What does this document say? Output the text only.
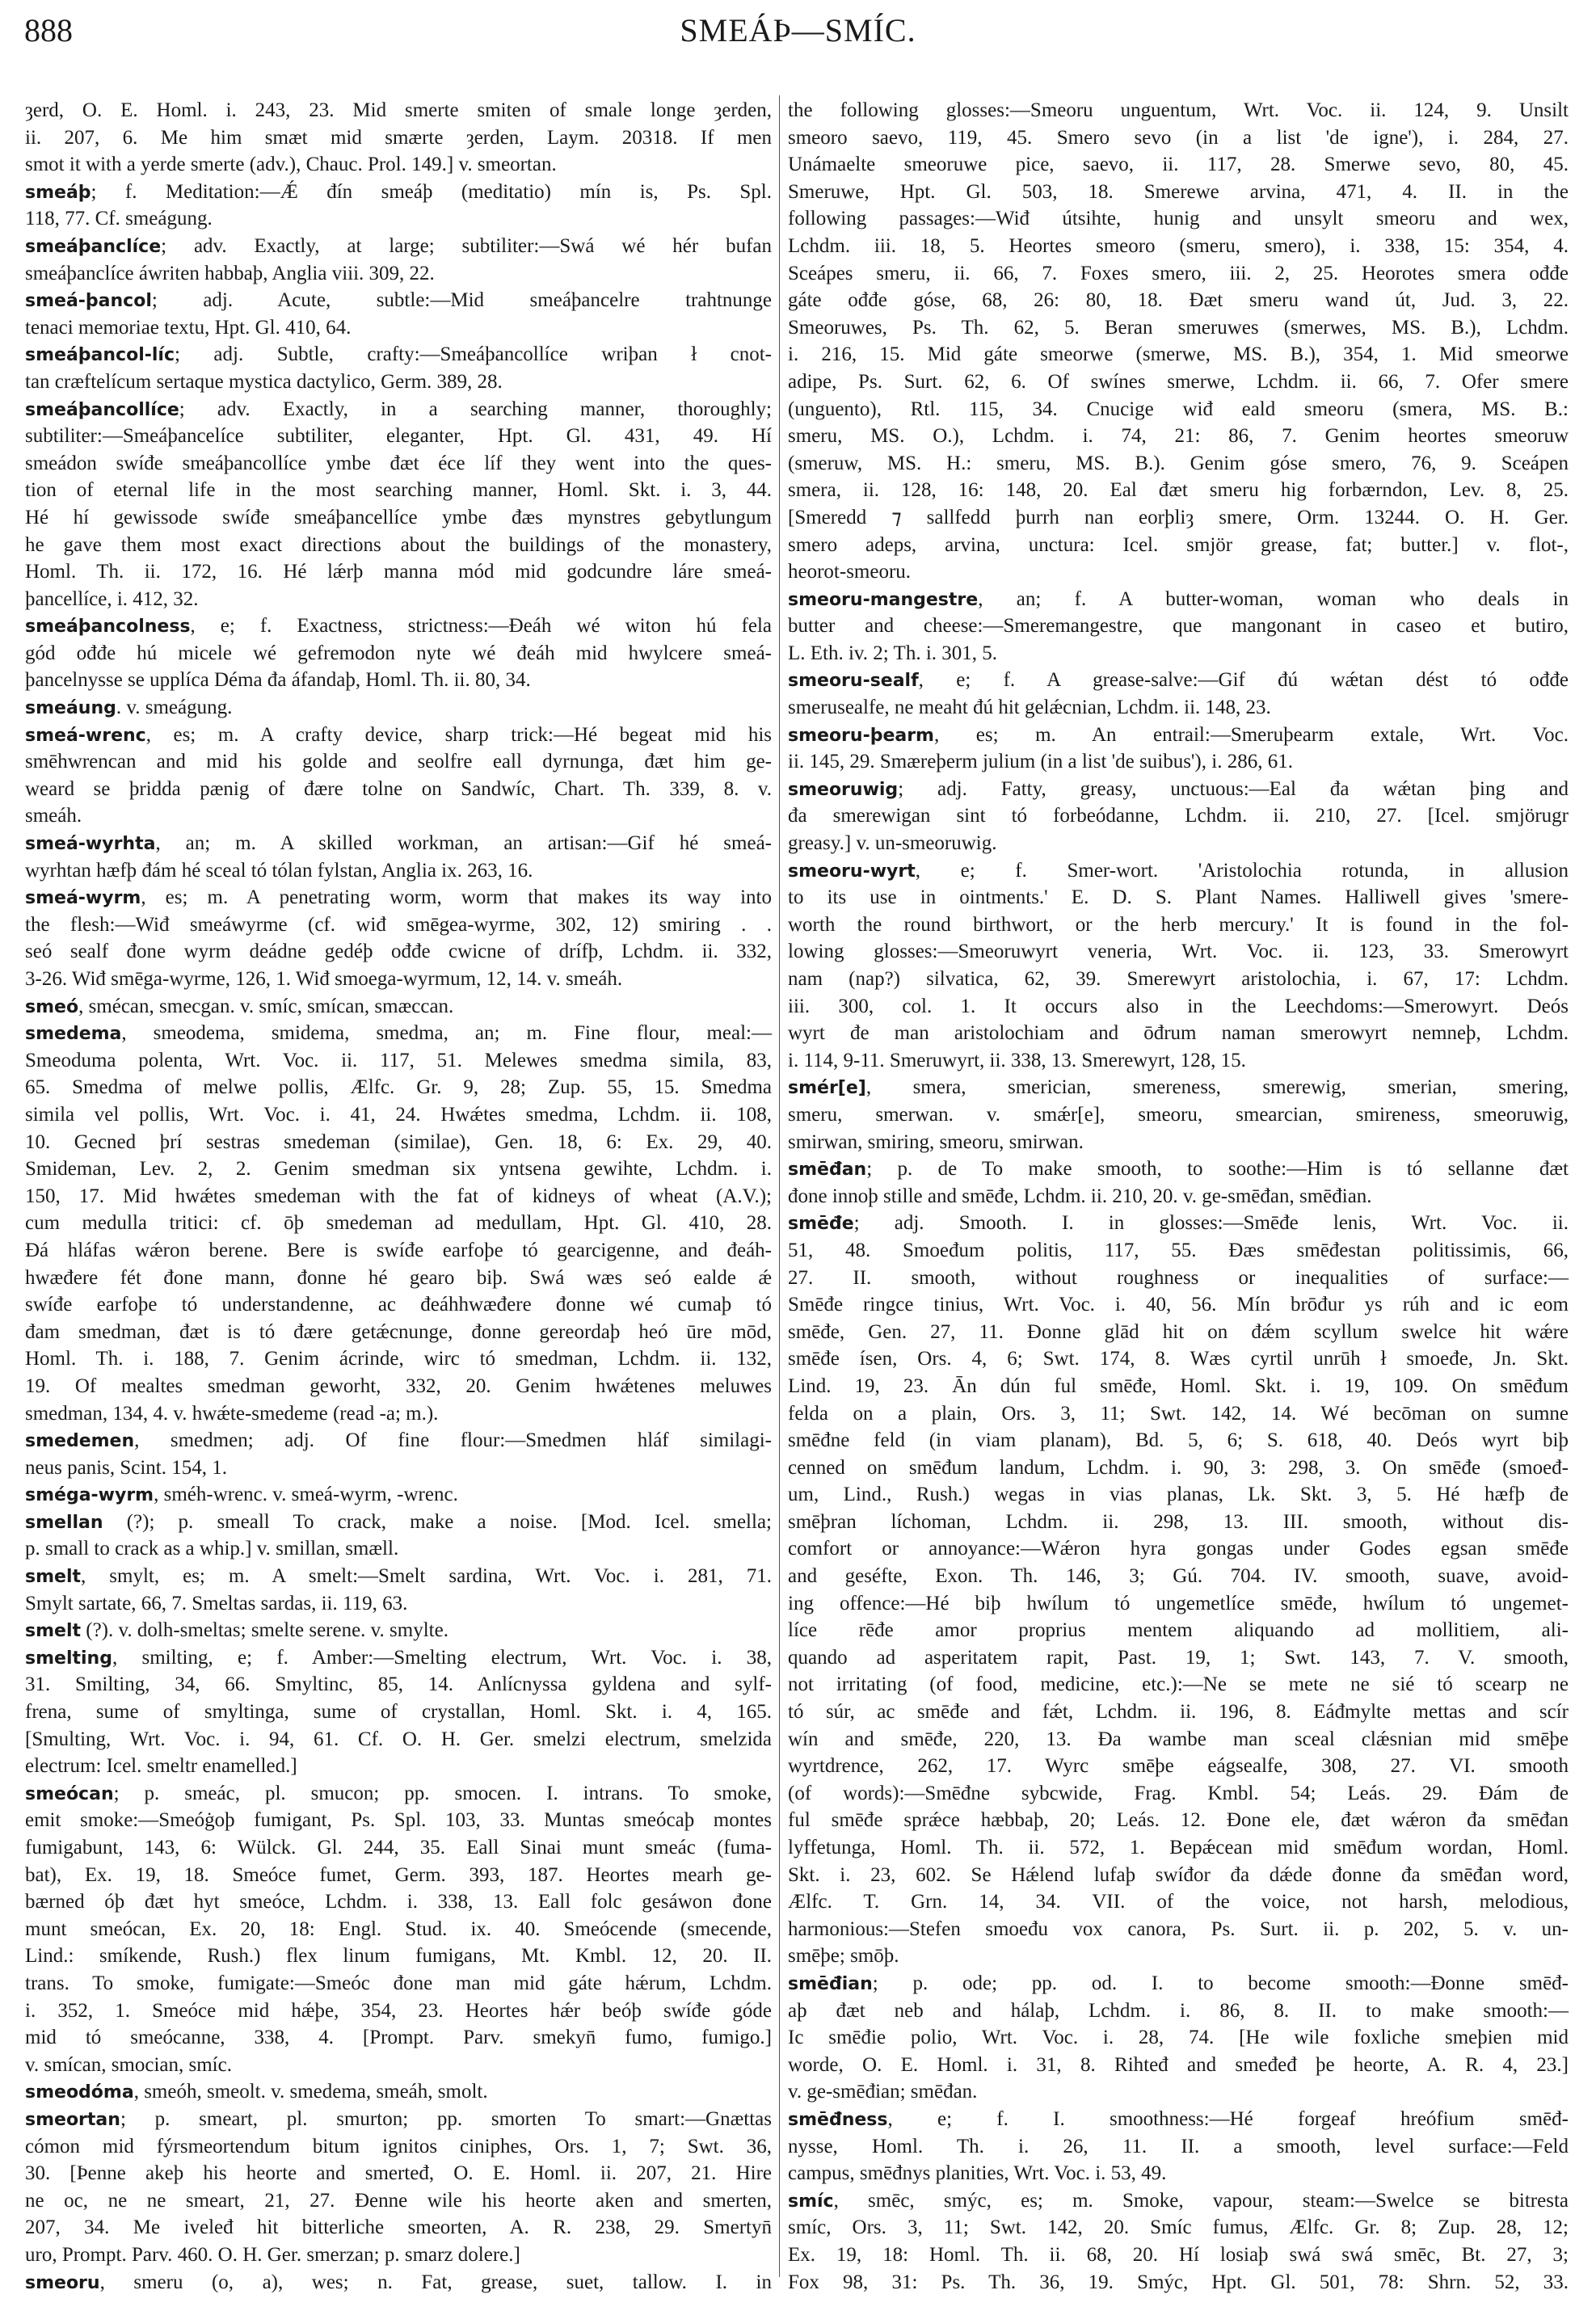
888	SMEÁÞ—SMÍC.
ȝerd, O. E. Homl. i. 243, 23. Mid smerte smiten of smale longe ȝerden,
ii. 207, 6. Me him smæt mid smærte ȝerden, Laym. 20318. If men
smot it with a yerde smerte (adv.), Chauc. Prol. 149.] v. smeortan.
smeáþ; f. Meditation:—Ǽ đín smeáþ (meditatio) mín is, Ps. Spl.
118, 77. Cf. smeágung.
smeáþanclíce; adv. Exactly, at large; subtiliter:—Swá wé hér bufan
smeáþanclíce áwriten habbaþ, Anglia viii. 309, 22.
smeá-þancol; adj. Acute, subtle:—Mid smeáþancelre trahtnunge
tenaci memoriae textu, Hpt. Gl. 410, 64.
smeáþancol-líc; adj. Subtle, crafty:—Smeáþancollíce wriþan ł cnot-
tan cræftelícum sertaque mystica dactylico, Germ. 389, 28.
smeáþancollíce; adv. Exactly, in a searching manner, thoroughly;
subtiliter:—Smeáþancelíce subtiliter, eleganter, Hpt. Gl. 431, 49. Hí
smeádon swíđe smeáþancollíce ymbe đæt éce líf they went into the ques-
tion of eternal life in the most searching manner, Homl. Skt. i. 3, 44.
Hé hí gewissode swíđe smeáþancellíce ymbe đæs mynstres gebytlungum
he gave them most exact directions about the buildings of the monastery,
Homl. Th. ii. 172, 16. Hé lǽrþ manna mód mid godcundre láre smeá-
þancellíce, i. 412, 32.
smeáþancolness, e; f. Exactness, strictness:—Đeáh wé witon hú fela
gód ođđe hú micele wé gefremodon nyte wé đeáh mid hwylcere smeá-
þancelnysse se upplíca Déma đa áfandaþ, Homl. Th. ii. 80, 34.
smeáung. v. smeágung.
smeá-wrenc, es; m. A crafty device, sharp trick:—Hé begeat mid his
smēhwrencan and mid his golde and seolfre eall dyrnunga, đæt him ge-
weard se þridda pænig of đære tolne on Sandwíc, Chart. Th. 339, 8. v.
smeáh.
smeá-wyrhta, an; m. A skilled workman, an artisan:—Gif hé smeá-
wyrhtan hæfþ đám hé sceal tó tólan fylstan, Anglia ix. 263, 16.
smeá-wyrm, es; m. A penetrating worm, worm that makes its way into
the flesh:—Wiđ smeáwyrme (cf. wiđ smēgea-wyrme, 302, 12) smiring . .
seó sealf đone wyrm deádne gedéþ ođđe cwicne of drífþ, Lchdm. ii. 332,
3-26. Wiđ smēga-wyrme, 126, 1. Wiđ smoega-wyrmum, 12, 14. v. smeáh.
smeó, smécan, smecgan. v. smíc, smícan, smæccan.
smedema, smeodema, smidema, smedma, an; m. Fine flour, meal:—
Smeoduma polenta, Wrt. Voc. ii. 117, 51. Melewes smedma simila, 83,
65. Smedma of melwe pollis, Ælfc. Gr. 9, 28; Zup. 55, 15. Smedma
simila vel pollis, Wrt. Voc. i. 41, 24. Hwǽtes smedma, Lchdm. ii. 108,
10. Gecned þrí sestras smedeman (similae), Gen. 18, 6: Ex. 29, 40.
Smideman, Lev. 2, 2. Genim smedman six yntsena gewihte, Lchdm. i.
150, 17. Mid hwǽtes smedeman with the fat of kidneys of wheat (A.V.);
cum medulla tritici: cf. ōþ smedeman ad medullam, Hpt. Gl. 410, 28.
Đá hláfas wǽron berene. Bere is swíđe earfoþe tó gearcigenne, and đeáh-
hwæđere fét đone mann, đonne hé gearo biþ. Swá wæs seó ealde ǽ
swíđe earfoþe tó understandenne, ac đeáhhwæđere đonne wé cumaþ tó
đam smedman, đæt is tó đære getǽcnunge, đonne gereordaþ heó ūre mōd,
Homl. Th. i. 188, 7. Genim ácrinde, wirc tó smedman, Lchdm. ii. 132,
19. Of mealtes smedman geworht, 332, 20. Genim hwǽtenes meluwes
smedman, 134, 4. v. hwǽte-smedeme (read -a; m.).
smedemen, smedmen; adj. Of fine flour:—Smedmen hláf similagi-
neus panis, Scint. 154, 1.
sméga-wyrm, sméh-wrenc. v. smeá-wyrm, -wrenc.
smellan (?); p. smeall To crack, make a noise. [Mod. Icel. smella;
p. small to crack as a whip.] v. smillan, smæll.
smelt, smylt, es; m. A smelt:—Smelt sardina, Wrt. Voc. i. 281, 71.
Smylt sartate, 66, 7. Smeltas sardas, ii. 119, 63.
smelt (?). v. dolh-smeltas; smelte serene. v. smylte.
smelting, smilting, e; f. Amber:—Smelting electrum, Wrt. Voc. i. 38,
31. Smilting, 34, 66. Smyltinc, 85, 14. Anlícnyssa gyldena and sylf-
frena, sume of smyltinga, sume of crystallan, Homl. Skt. i. 4, 165.
[Smulting, Wrt. Voc. i. 94, 61. Cf. O. H. Ger. smelzi electrum, smelzida
electrum: Icel. smeltr enamelled.]
smeócan; p. smeác, pl. smucon; pp. smocen. I. intrans. To smoke,
emit smoke:—Smeóġoþ fumigant, Ps. Spl. 103, 33. Muntas smeócaþ montes
fumigabunt, 143, 6: Wülck. Gl. 244, 35. Eall Sinai munt smeác (fuma-
bat), Ex. 19, 18. Smeóce fumet, Germ. 393, 187. Heortes mearh ge-
bærned óþ đæt hyt smeóce, Lchdm. i. 338, 13. Eall folc gesáwon đone
munt smeócan, Ex. 20, 18: Engl. Stud. ix. 40. Smeócende (smecende,
Lind.: smíkende, Rush.) flex linum fumigans, Mt. Kmbl. 12, 20. II.
trans. To smoke, fumigate:—Smeóc đone man mid gáte hǽrum, Lchdm.
i. 352, 1. Smeóce mid hǽþe, 354, 23. Heortes hǽr beóþ swíđe góde
mid tó smeócanne, 338, 4. [Prompt. Parv. smekyn̄ fumo, fumigo.]
v. smícan, smocian, smíc.
smeodóma, smeóh, smeolt. v. smedema, smeáh, smolt.
smeortan; p. smeart, pl. smurton; pp. smorten To smart:—Gnættas
cómon mid fýrsmeortendum bitum ignitos ciniphes, Ors. 1, 7; Swt. 36,
30. [Þenne akeþ his heorte and smerteđ, O. E. Homl. ii. 207, 21. Hire
ne oc, ne ne smeart, 21, 27. Đenne wile his heorte aken and smerten,
207, 34. Me iveleđ hit bitterliche smeorten, A. R. 238, 29. Smertyn̄
uro, Prompt. Parv. 460. O. H. Ger. smerzan; p. smarz dolere.]
smeoru, smeru (o, a), wes; n. Fat, grease, suet, tallow. I. in
the following glosses:—Smeoru unguentum, Wrt. Voc. ii. 124, 9. Unsilt
smeoro saevo, 119, 45. Smero sevo (in a list 'de igne'), i. 284, 27.
Unámaelte smeoruwe pice, saevo, ii. 117, 28. Smerwe sevo, 80, 45.
Smeruwe, Hpt. Gl. 503, 18. Smerewe arvina, 471, 4. II. in the
following passages:—Wiđ útsihte, hunig and unsylt smeoru and wex,
Lchdm. iii. 18, 5. Heortes smeoro (smeru, smero), i. 338, 15: 354, 4.
Sceápes smeru, ii. 66, 7. Foxes smero, iii. 2, 25. Heorotes smera ođđe
gáte ođđe góse, 68, 26: 80, 18. Đæt smeru wand út, Jud. 3, 22.
Smeoruwes, Ps. Th. 62, 5. Beran smeruwes (smerwes, MS. B.), Lchdm.
i. 216, 15. Mid gáte smeorwe (smerwe, MS. B.), 354, 1. Mid smeorwe
adipe, Ps. Surt. 62, 6. Of swínes smerwe, Lchdm. ii. 66, 7. Ofer smere
(unguento), Rtl. 115, 34. Cnucige wiđ eald smeoru (smera, MS. B.:
smeru, MS. O.), Lchdm. i. 74, 21: 86, 7. Genim heortes smeoruw
(smeruw, MS. H.: smeru, MS. B.). Genim góse smero, 76, 9. Sceápen
smera, ii. 128, 16: 148, 20. Eal đæt smeru hig forbærndon, Lev. 8, 25.
[Smeredd ⁊ sallfedd þurrh nan eorþliȝ smere, Orm. 13244. O. H. Ger.
smero adeps, arvina, unctura: Icel. smjör grease, fat; butter.] v. flot-,
heorot-smeoru.
smeoru-mangestre, an; f. A butter-woman, woman who deals in
butter and cheese:—Smeremangestre, que mangonant in caseo et butiro,
L. Eth. iv. 2; Th. i. 301, 5.
smeoru-sealf, e; f. A grease-salve:—Gif đú wǽtan dést tó ođđe
smerusealfe, ne meaht đú hit gelǽcnian, Lchdm. ii. 148, 23.
smeoru-þearm, es; m. An entrail:—Smeruþearm extale, Wrt. Voc.
ii. 145, 29. Smæreþerm julium (in a list 'de suibus'), i. 286, 61.
smeoruwig; adj. Fatty, greasy, unctuous:—Eal đa wǽtan þing and
đa smerewigan sint tó forbeódanne, Lchdm. ii. 210, 27. [Icel. smjörugr
greasy.] v. un-smeoruwig.
smeoru-wyrt, e; f. Smer-wort. 'Aristolochia rotunda, in allusion
to its use in ointments.' E. D. S. Plant Names. Halliwell gives 'smere-
worth the round birthwort, or the herb mercury.' It is found in the fol-
lowing glosses:—Smeoruwyrt veneria, Wrt. Voc. ii. 123, 33. Smerowyrt
nam (nap?) silvatica, 62, 39. Smerewyrt aristolochia, i. 67, 17: Lchdm.
iii. 300, col. 1. It occurs also in the Leechdoms:—Smerowyrt. Deós
wyrt đe man aristolochiam and ōđrum naman smerowyrt nemneþ, Lchdm.
i. 114, 9-11. Smeruwyrt, ii. 338, 13. Smerewyrt, 128, 15.
smér[e], smera, smerician, smereness, smerewig, smerian, smering,
smeru, smerwan. v. smǽr[e], smeoru, smearcian, smireness, smeoruwig,
smirwan, smiring, smeoru, smirwan.
smēđan; p. de To make smooth, to soothe:—Him is tó sellanne đæt
đone innoþ stille and smēđe, Lchdm. ii. 210, 20. v. ge-smēđan, smēđian.
smēđe; adj. Smooth. I. in glosses:—Smēđe lenis, Wrt. Voc. ii.
51, 48. Smoeđum politis, 117, 55. Đæs smēđestan politissimis, 66,
27. II. smooth, without roughness or inequalities of surface:—
Smēđe ringce tinius, Wrt. Voc. i. 40, 56. Mín brōđur ys rúh and ic eom
smēđe, Gen. 27, 11. Đonne glād hit on đǽm scyllum swelce hit wǽre
smēđe ísen, Ors. 4, 6; Swt. 174, 8. Wæs cyrtil unrūh ł smoeđe, Jn. Skt.
Lind. 19, 23. Ān dún ful smēđe, Homl. Skt. i. 19, 109. On smēđum
felda on a plain, Ors. 3, 11; Swt. 142, 14. Wé becōman on sumne
smēđne feld (in viam planam), Bd. 5, 6; S. 618, 40. Deós wyrt biþ
cenned on smēđum landum, Lchdm. i. 90, 3: 298, 3. On smēđe (smoeđ-
um, Lind., Rush.) wegas in vias planas, Lk. Skt. 3, 5. Hé hæfþ đe
smēþran líchoman, Lchdm. ii. 298, 13. III. smooth, without dis-
comfort or annoyance:—Wǽron hyra gongas under Godes egsan smēđe
and geséfte, Exon. Th. 146, 3; Gú. 704. IV. smooth, suave, avoid-
ing offence:—Hé biþ hwílum tó ungemetlíce smēđe, hwílum tó ungemet-
líce rēđe amor proprius mentem aliquando ad mollitiem, ali-
quando ad asperitatem rapit, Past. 19, 1; Swt. 143, 7. V. smooth,
not irritating (of food, medicine, etc.):—Ne se mete ne sié tó scearp ne
tó súr, ac smēđe and fǽt, Lchdm. ii. 196, 8. Eáđmylte mettas and scír
wín and smēđe, 220, 13. Đa wambe man sceal clǽsnian mid smēþe
wyrtdrence, 262, 17. Wyrc smēþe eágsealfe, 308, 27. VI. smooth
(of words):—Smēđne sybcwide, Frag. Kmbl. 54; Leás. 29. Đám đe
ful smēđe sprǽce hæbbaþ, 20; Leás. 12. Đone ele, đæt wǽron đa smēđan
lyffetunga, Homl. Th. ii. 572, 1. Bepǽcean mid smēđum wordan, Homl.
Skt. i. 23, 602. Se Hǽlend lufaþ swíđor đa dǽde đonne đa smēđan word,
Ælfc. T. Grn. 14, 34. VII. of the voice, not harsh, melodious,
harmonious:—Stefen smoeđu vox canora, Ps. Surt. ii. p. 202, 5. v. un-
smēþe; smōþ.
smēđian; p. ode; pp. od. I. to become smooth:—Đonne smēđ-
aþ đæt neb and hálaþ, Lchdm. i. 86, 8. II. to make smooth:—
Ic smēđie polio, Wrt. Voc. i. 28, 74. [He wile foxliche smeþien mid
worde, O. E. Homl. i. 31, 8. Rihteđ and smeđeđ þe heorte, A. R. 4, 23.]
v. ge-smēđian; smēđan.
smēđness, e; f. I. smoothness:—Hé forgeaf hreófium smēđ-
nysse, Homl. Th. i. 26, 11. II. a smooth, level surface:—Feld
campus, smēđnys planities, Wrt. Voc. i. 53, 49.
smíc, smēc, smýc, es; m. Smoke, vapour, steam:—Swelce se bitresta
smíc, Ors. 3, 11; Swt. 142, 20. Smíc fumus, Ælfc. Gr. 8; Zup. 28, 12;
Ex. 19, 18: Homl. Th. ii. 68, 20. Hí losiaþ swá swá smēc, Bt. 27, 3;
Fox 98, 31: Ps. Th. 36, 19. Smýc, Hpt. Gl. 501, 78: Shrn. 52, 33.
